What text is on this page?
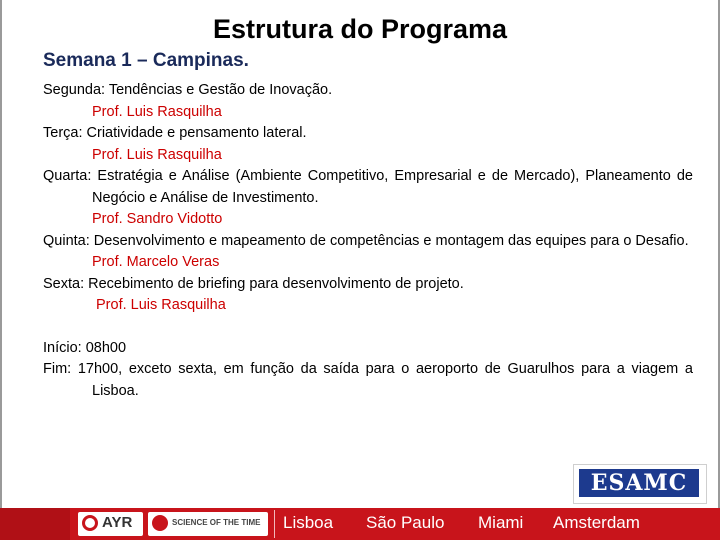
Estrutura do Programa
Semana 1 – Campinas.
Segunda: Tendências e Gestão de Inovação.
Prof. Luis Rasquilha
Terça: Criatividade e pensamento lateral.
Prof. Luis Rasquilha
Quarta: Estratégia e Análise (Ambiente Competitivo, Empresarial e de Mercado), Planeamento de Negócio e Análise de Investimento.
Prof. Sandro Vidotto
Quinta: Desenvolvimento e mapeamento de competências e montagem das equipes para o Desafio.
Prof. Marcelo Veras
Sexta: Recebimento de briefing para desenvolvimento de projeto.
Prof. Luis Rasquilha
Início: 08h00
Fim: 17h00, exceto sexta, em função da saída para o aeroporto de Guarulhos para a viagem a Lisboa.
ESAMC
AYR	SCIENCE OF THE TIME Lisboa São Paulo Miami Amsterdam
